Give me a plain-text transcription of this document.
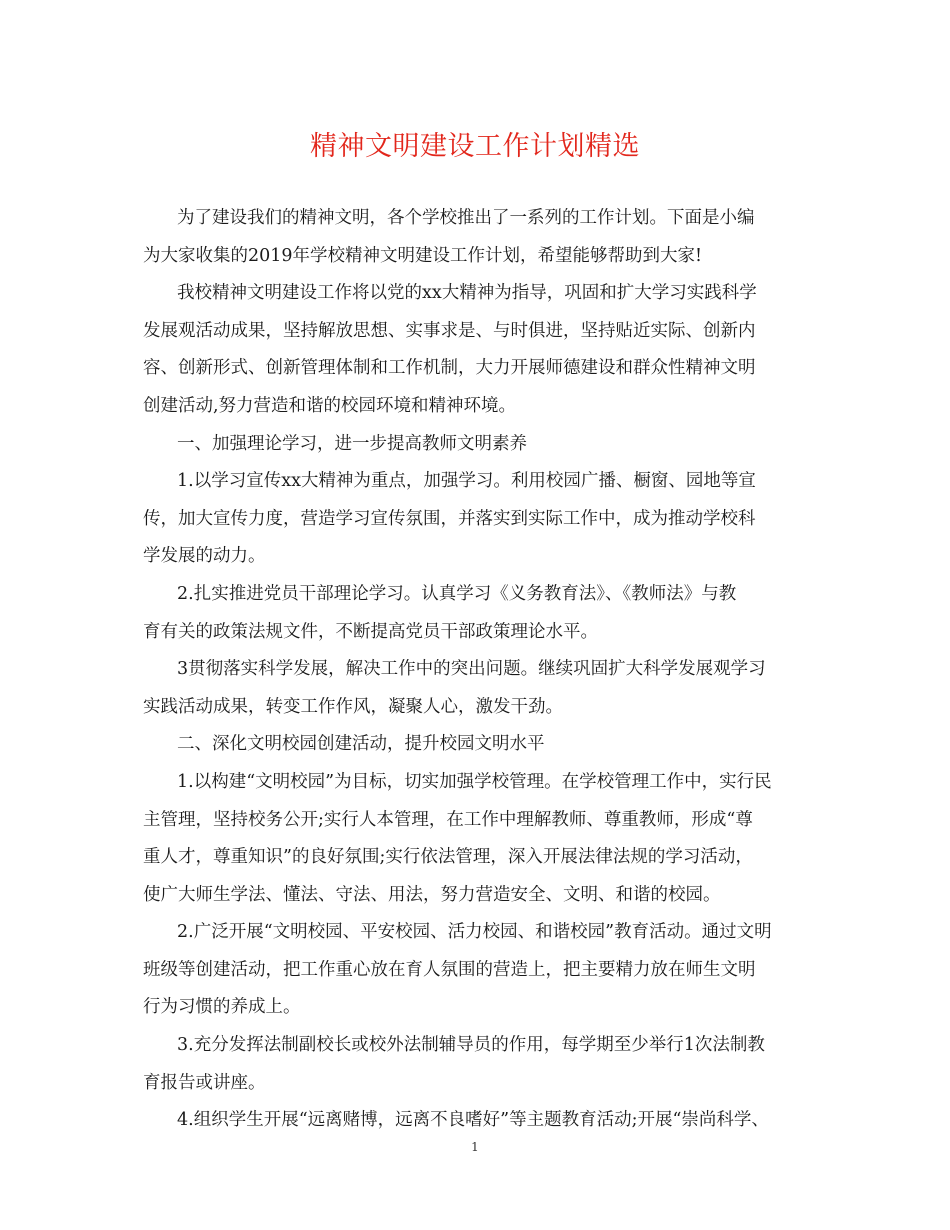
精神文明建设工作计划精选
为了建设我们的精神文明，各个学校推出了一系列的工作计划。下面是小编
为大家收集的2019年学校精神文明建设工作计划，希望能够帮助到大家!
我校精神文明建设工作将以党的xx大精神为指导，巩固和扩大学习实践科学
发展观活动成果，坚持解放思想、实事求是、与时俱进，坚持贴近实际、创新内
容、创新形式、创新管理体制和工作机制，大力开展师德建设和群众性精神文明
创建活动,努力营造和谐的校园环境和精神环境。
一、加强理论学习，进一步提高教师文明素养
1.以学习宣传xx大精神为重点，加强学习。利用校园广播、橱窗、园地等宣
传，加大宣传力度，营造学习宣传氛围，并落实到实际工作中，成为推动学校科
学发展的动力。
2.扎实推进党员干部理论学习。认真学习《义务教育法》、《教师法》与教
育有关的政策法规文件，不断提高党员干部政策理论水平。
3贯彻落实科学发展，解决工作中的突出问题。继续巩固扩大科学发展观学习
实践活动成果，转变工作作风，凝聚人心，激发干劲。
二、深化文明校园创建活动，提升校园文明水平
1.以构建“文明校园”为目标，切实加强学校管理。在学校管理工作中，实行民
主管理，坚持校务公开;实行人本管理，在工作中理解教师、尊重教师，形成“尊
重人才，尊重知识”的良好氛围;实行依法管理，深入开展法律法规的学习活动，
使广大师生学法、懂法、守法、用法，努力营造安全、文明、和谐的校园。
2.广泛开展“文明校园、平安校园、活力校园、和谐校园”教育活动。通过文明
班级等创建活动，把工作重心放在育人氛围的营造上，把主要精力放在师生文明
行为习惯的养成上。
3.充分发挥法制副校长或校外法制辅导员的作用，每学期至少举行1次法制教
育报告或讲座。
4.组织学生开展“远离赌博，远离不良嗜好”等主题教育活动;开展“崇尚科学、
1
